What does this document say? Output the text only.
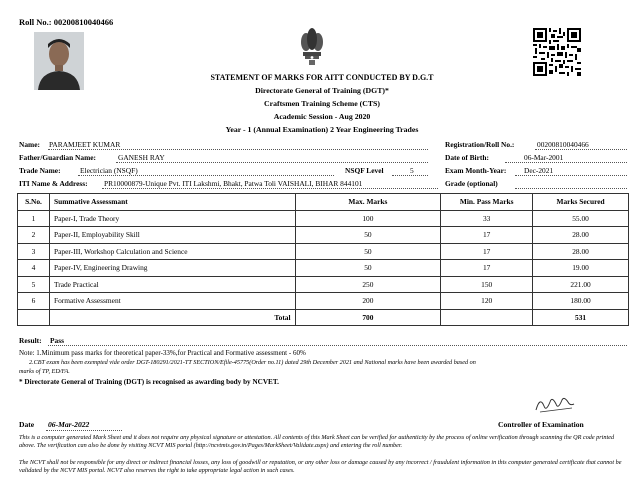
Roll No.: 00200810040466
STATEMENT OF MARKS FOR AITT CONDUCTED BY D.G.T
Directorate General of Training (DGT)*
Craftsmen Training Scheme (CTS)
Academic Session - Aug 2020
Year - 1 (Annual Examination) 2 Year Engineering Trades
Name: PARAMJEET KUMAR
Father/Guardian Name:	GANESH RAY
Trade Name:	Electrician (NSQF)	NSQF Level	5
ITI Name & Address: PR10000879-Unique Pvt. ITI Lakshmi, Bhakt, Patwa Toli VAISHALI, BIHAR 844101
Registration/Roll No.:	00200810040466
Date of Birth:	06-Mar-2001
Exam Month-Year: Dec-2021
Grade (optional)
S.No.	Summative Assessmant	Max. Marks	Min. Pass Marks	Marks Secured
1	Paper-I, Trade Theory	100	33	55.00
2	Paper-II, Employability Skill	50	17	28.00
3	Paper-III, Workshop Calculation and Science	50	17	28.00
4	Paper-IV, Engineering Drawing	50	17	19.00
5	Trade Practical	250	150	221.00
6	Formative Assessment	200	120	180.00
	Total	700		531
Result: Pass
Note: 1.Minimum pass marks for theoretical paper-33%,for Practical and Formative assessment - 60%
2.CBT exam has been exempted vide order DGT-180291/2021-TT SECTION/Efile-45775(Order no.11) dated 29th December 2021 and National marks have been awarded based on
marks of TP, ED/FA.
* Directorate General of Training (DGT) is recognised as awarding body by NCVET.
Date 06-Mar-2022	Controller of Examination
This is a computer generated Mark Sheet and it does not require any physical signature or attestation. All contents of this Mark Sheet can be verified for authenticity by the process of online verification through scanning the QR code printed above. The verification can also be done by visiting NCVT MIS portal (http://ncvtmis.gov.in/Pages/MarkSheet/Validate.aspx) and entering the roll number.
The NCVT shall not be responsible for any direct or indirect financial losses, any loss of goodwill or reputation, or any other loss or damage caused by any incorrect / fraudulent information in this computer generated certificate that cannot be validated by the NCVT MIS portal. NCVT also reserves the right to take appropriate legal action in such cases.
